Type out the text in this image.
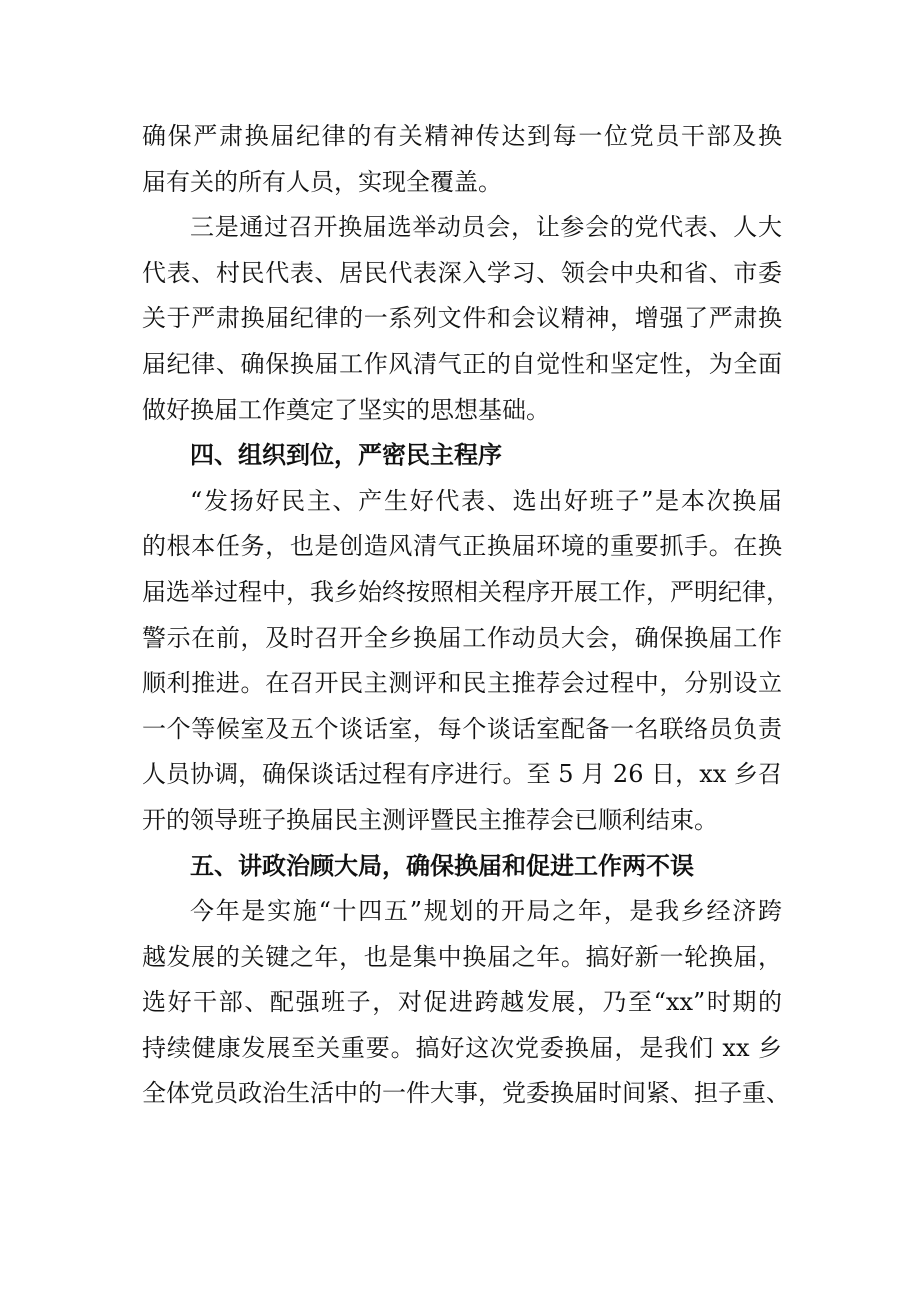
确保严肃换届纪律的有关精神传达到每一位党员干部及换
届有关的所有人员，实现全覆盖。

三是通过召开换届选举动员会，让参会的党代表、人大
代表、村民代表、居民代表深入学习、领会中央和省、市委
关于严肃换届纪律的一系列文件和会议精神，增强了严肃换
届纪律、确保换届工作风清气正的自觉性和坚定性，为全面
做好换届工作奠定了坚实的思想基础。

四、组织到位，严密民主程序

“发扬好民主、产生好代表、选出好班子”是本次换届
的根本任务，也是创造风清气正换届环境的重要抓手。在换
届选举过程中，我乡始终按照相关程序开展工作，严明纪律，
警示在前，及时召开全乡换届工作动员大会，确保换届工作
顺利推进。在召开民主测评和民主推荐会过程中，分别设立
一个等候室及五个谈话室，每个谈话室配备一名联络员负责
人员协调，确保谈话过程有序进行。至 5 月 26 日，xx 乡召
开的领导班子换届民主测评暨民主推荐会已顺利结束。

五、讲政治顾大局，确保换届和促进工作两不误

今年是实施“十四五”规划的开局之年，是我乡经济跨
越发展的关键之年，也是集中换届之年。搞好新一轮换届，
选好干部、配强班子，对促进跨越发展，乃至“xx”时期的
持续健康发展至关重要。搞好这次党委换届，是我们 xx 乡
全体党员政治生活中的一件大事，党委换届时间紧、担子重、
